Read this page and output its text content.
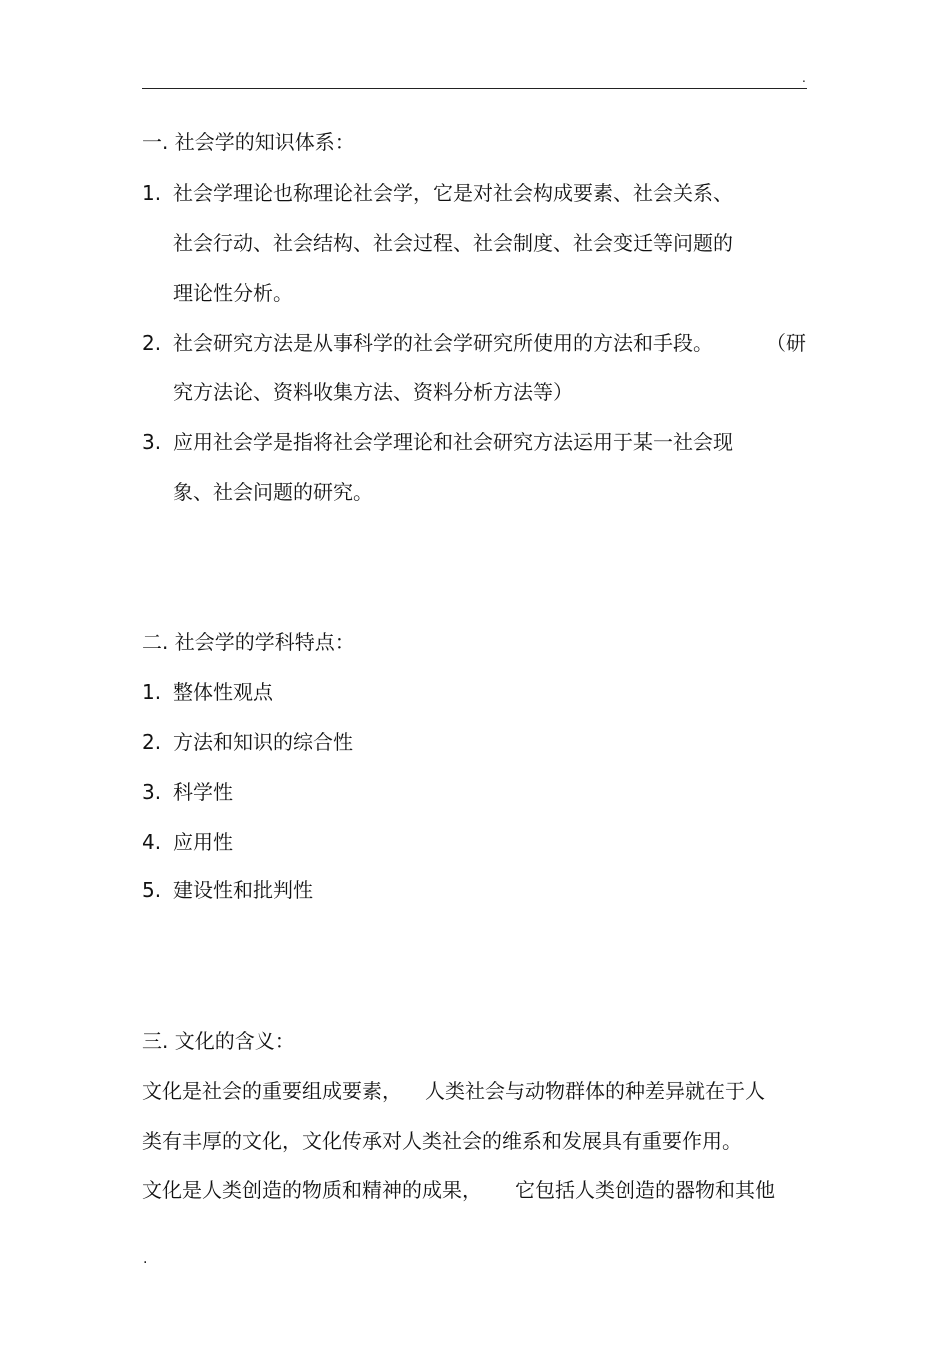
.
一. 社会学的知识体系：
1. 社会学理论也称理论社会学，它是对社会构成要素、社会关系、
社会行动、社会结构、社会过程、社会制度、社会变迁等问题的
理论性分析。
2. 社会研究方法是从事科学的社会学研究所使用的方法和手段。	（研
究方法论、资料收集方法、资料分析方法等）
3. 应用社会学是指将社会学理论和社会研究方法运用于某一社会现
象、社会问题的研究。
二. 社会学的学科特点：
1. 整体性观点
2. 方法和知识的综合性
3. 科学性
4. 应用性
5. 建设性和批判性
三. 文化的含义：
文化是社会的重要组成要素， 人类社会与动物群体的种差异就在于人
类有丰厚的文化，文化传承对人类社会的维系和发展具有重要作用。
文化是人类创造的物质和精神的成果， 它包括人类创造的器物和其他
.
